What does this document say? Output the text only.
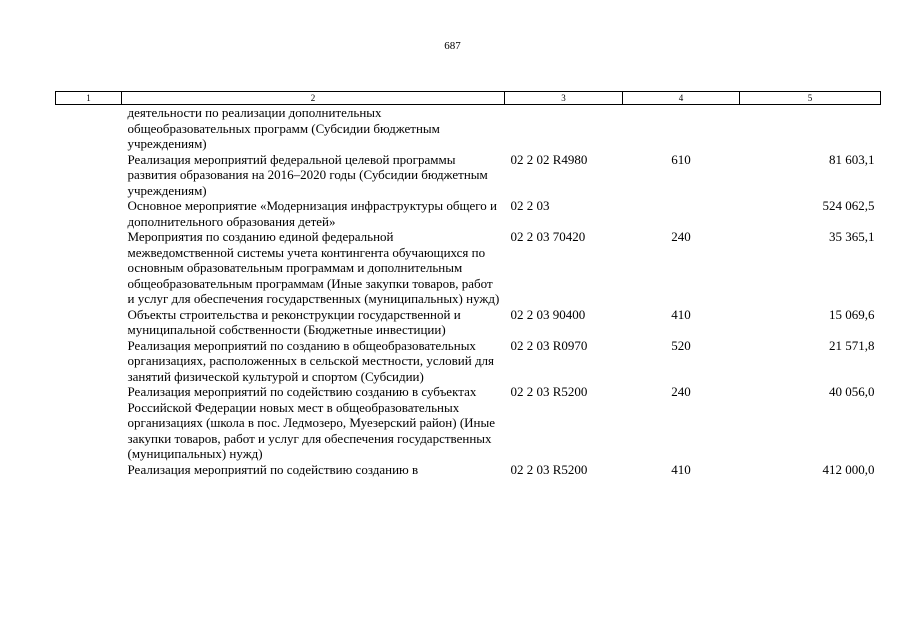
687
1	2	3	4	5
	деятельности по реализации дополнительных общеобразовательных программ (Субсидии бюджетным учреждениям)			
	Реализация мероприятий федеральной целевой программы развития образования на 2016–2020 годы (Субсидии бюджетным учреждениям)	02 2 02 R4980	610	81 603,1
	Основное мероприятие «Модернизация инфраструктуры общего и дополнительного образования детей»	02 2 03		524 062,5
	Мероприятия по созданию единой федеральной межведомственной системы учета контингента обучающихся по основным образовательным программам и дополнительным общеобразовательным программам (Иные закупки товаров, работ и услуг для обеспечения государственных (муниципальных) нужд)	02 2 03 70420	240	35 365,1
	Объекты строительства и реконструкции государственной и муниципальной собственности (Бюджетные инвестиции)	02 2 03 90400	410	15 069,6
	Реализация мероприятий по созданию в общеобразовательных организациях, расположенных в сельской местности, условий для занятий физической культурой и спортом (Субсидии)	02 2 03 R0970	520	21 571,8
	Реализация мероприятий по содействию созданию в субъектах Российской Федерации новых мест в общеобразовательных организациях (школа в пос. Ледмозеро, Муезерский район) (Иные закупки товаров, работ и услуг для обеспечения государственных (муниципальных) нужд)	02 2 03 R5200	240	40 056,0
	Реализация мероприятий по содействию созданию в	02 2 03 R5200	410	412 000,0
